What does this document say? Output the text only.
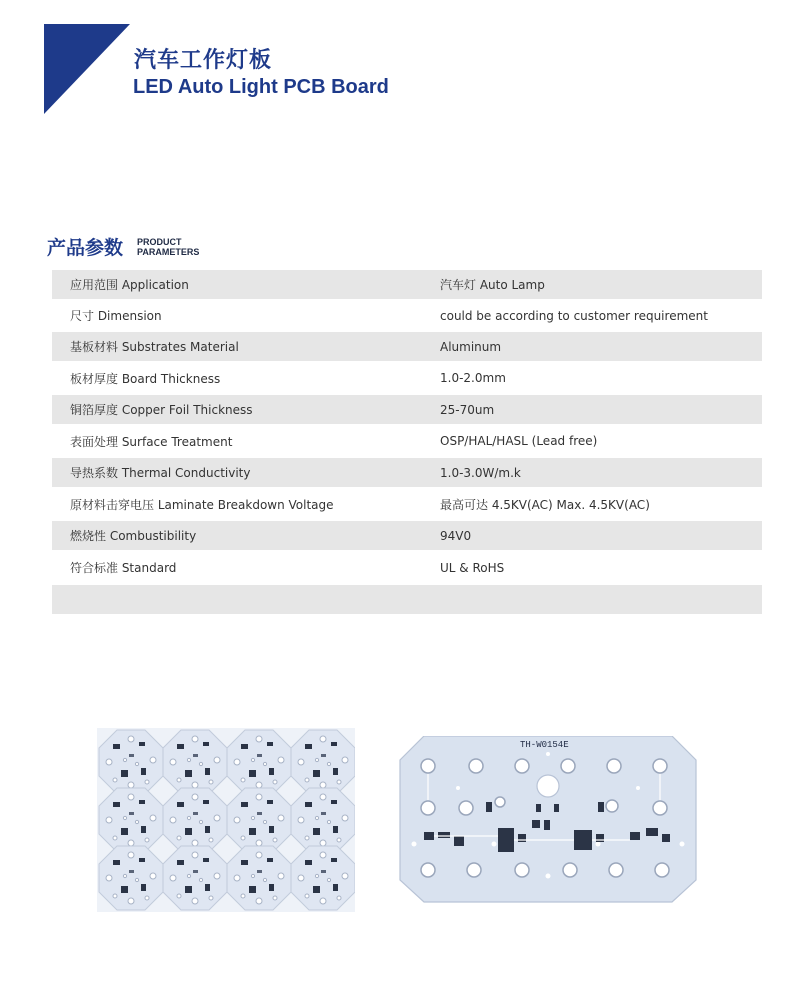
汽车工作灯板
LED Auto Light PCB Board
产品参数 PRODUCT
PARAMETERS
应用范围 Application	汽车灯 Auto Lamp
尺寸 Dimension	could be according to customer requirement
基板材料 Substrates Material	Aluminum
板材厚度 Board Thickness	1.0-2.0mm
铜箔厚度 Copper Foil Thickness	25-70um
表面处理 Surface Treatment	OSP/HAL/HASL (Lead free)
导热系数 Thermal Conductivity	1.0-3.0W/m.k
原材料击穿电压 Laminate Breakdown Voltage	最高可达 4.5KV(AC) Max. 4.5KV(AC)
燃烧性 Combustibility	94V0
符合标准 Standard	UL & RoHS
TH-W0154E
